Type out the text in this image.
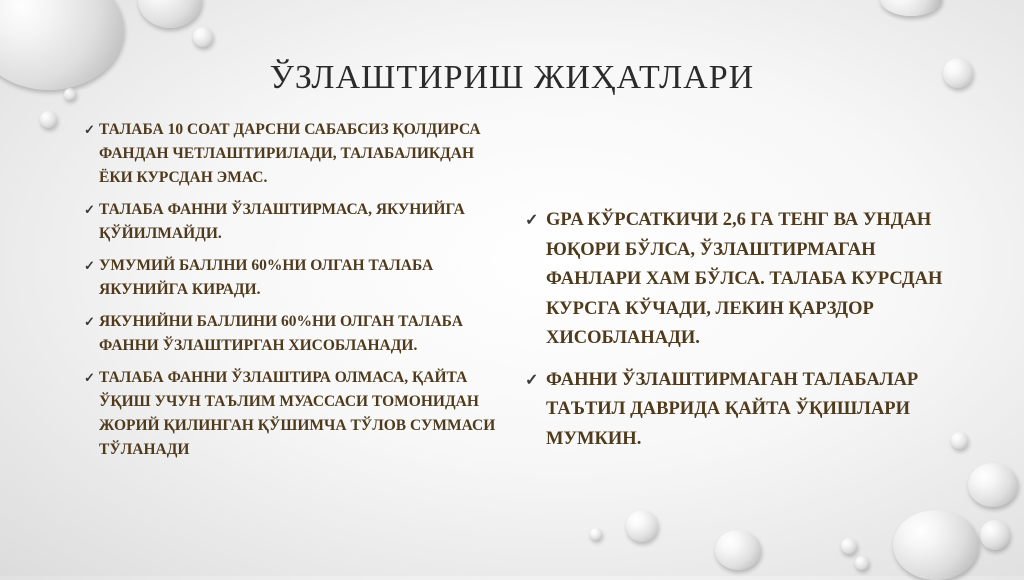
ЎЗЛАШТИРИШ ЖИҲАТЛАРИ
✓ ТАЛАБА 10 СОАТ ДАРСНИ САБАБСИЗ ҚОЛДИРСА ФАНДАН ЧЕТЛАШТИРИЛАДИ, ТАЛАБАЛИКДАН ЁКИ КУРСДАН ЭМАС.
✓ ТАЛАБА ФАННИ ЎЗЛАШТИРМАСА, ЯКУНИЙГА ҚЎЙИЛМАЙДИ.
✓ УМУМИЙ БАЛЛНИ 60%НИ ОЛГАН ТАЛАБА ЯКУНИЙГА КИРАДИ.
✓ ЯКУНИЙНИ БАЛЛИНИ 60%НИ ОЛГАН ТАЛАБА ФАННИ ЎЗЛАШТИРГАН ХИСОБЛАНАДИ.
✓ ТАЛАБА ФАННИ ЎЗЛАШТИРА ОЛМАСА, ҚАЙТА ЎҚИШ УЧУН ТАЪЛИМ МУАССАСИ ТОМОНИДАН ЖОРИЙ ҚИЛИНГАН ҚЎШИМЧА ТЎЛОВ СУММАСИ ТЎЛАНАДИ
✓ GPA КЎРСАТКИЧИ 2,6 ГА ТЕНГ ВА УНДАН ЮҚОРИ БЎЛСА, ЎЗЛАШТИРМАГАН ФАНЛАРИ ХАМ БЎЛСА. ТАЛАБА КУРСДАН КУРСГА КЎЧАДИ, ЛЕКИН ҚАРЗДОР ХИСОБЛАНАДИ.
✓ ФАННИ ЎЗЛАШТИРМАГАН ТАЛАБАЛАР ТАЪТИЛ ДАВРИДА ҚАЙТА ЎҚИШЛАРИ МУМКИН.
